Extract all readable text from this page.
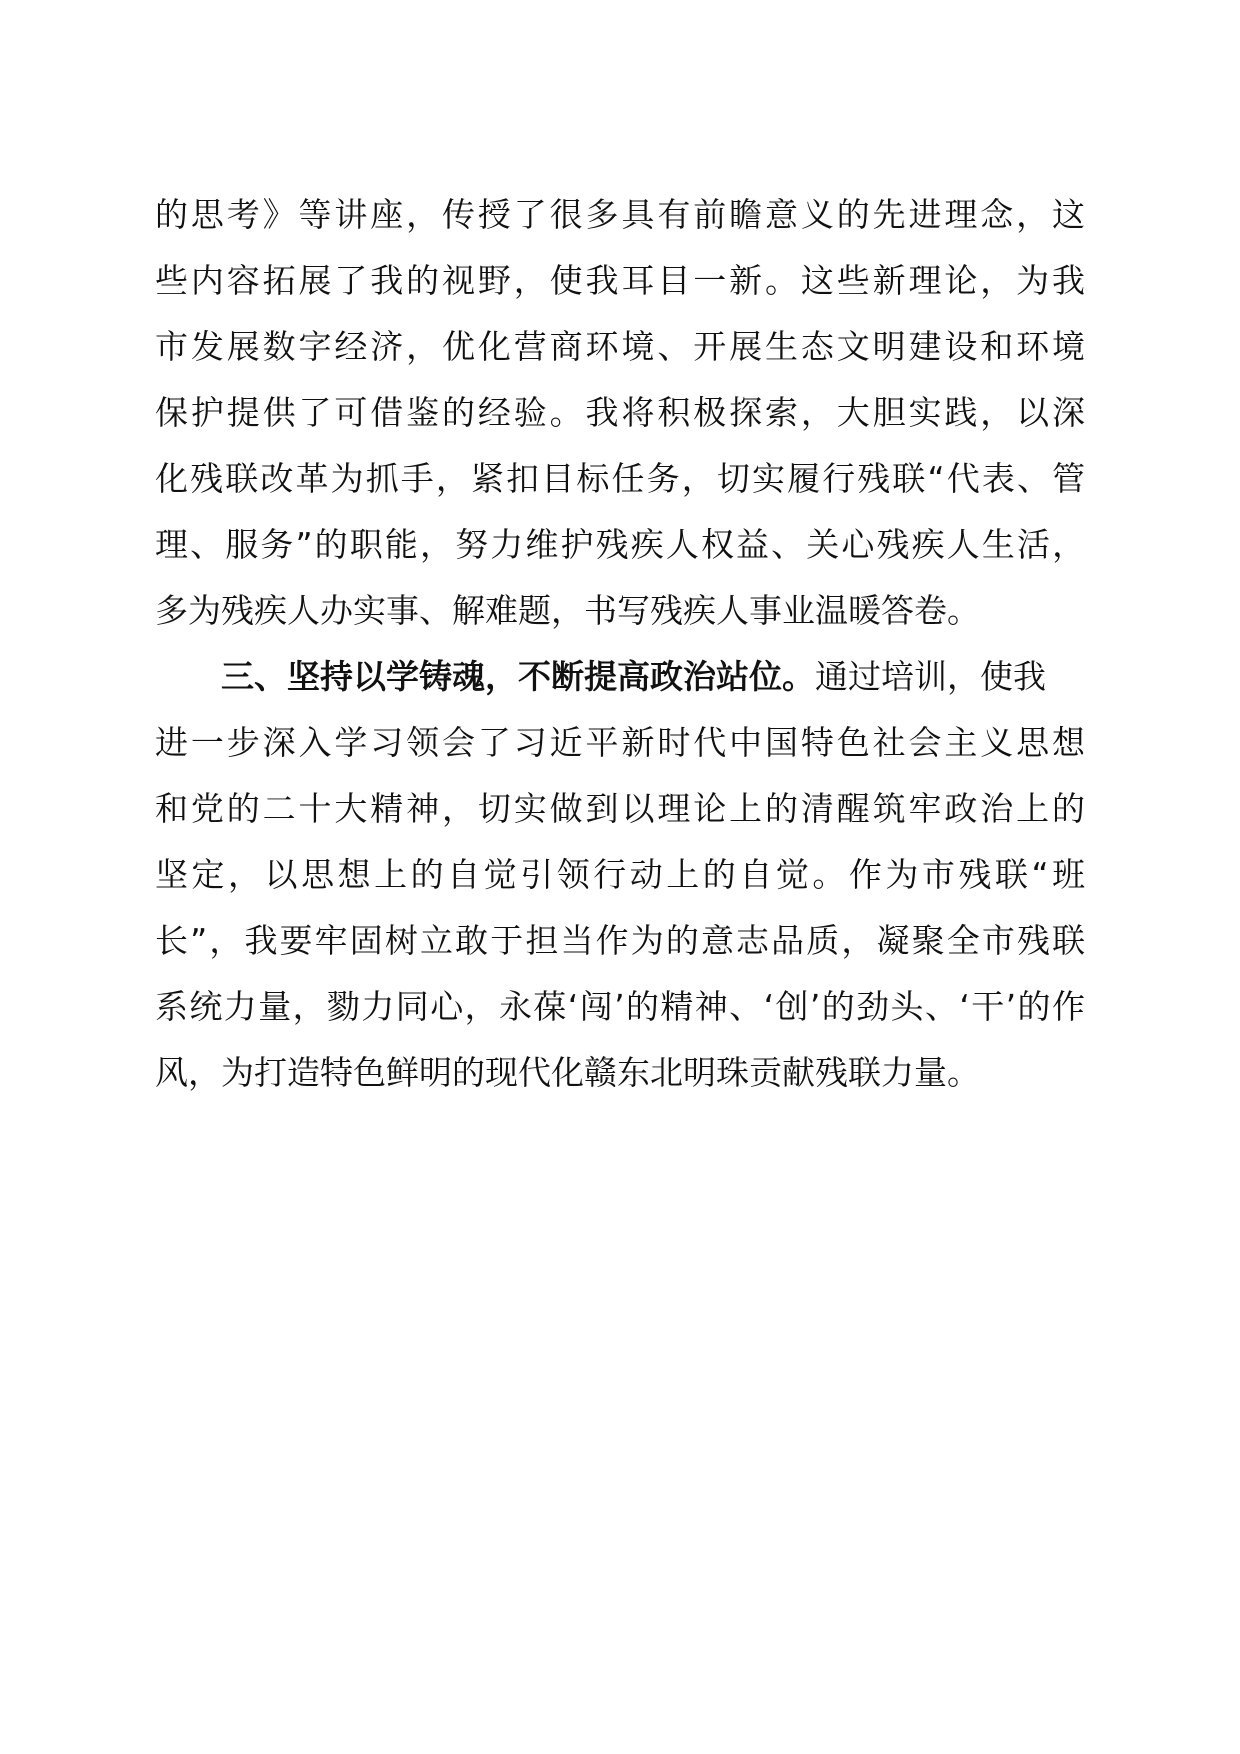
的思考》等讲座，传授了很多具有前瞻意义的先进理念，这
些内容拓展了我的视野，使我耳目一新。这些新理论，为我
市发展数字经济，优化营商环境、开展生态文明建设和环境
保护提供了可借鉴的经验。我将积极探索，大胆实践，以深
化残联改革为抓手，紧扣目标任务，切实履行残联“代表、管
理、服务”的职能，努力维护残疾人权益、关心残疾人生活，
多为残疾人办实事、解难题，书写残疾人事业温暖答卷。
三、坚持以学铸魂，不断提高政治站位。 通过培训，使我
进一步深入学习领会了习近平新时代中国特色社会主义思想
和党的二十大精神，切实做到以理论上的清醒筑牢政治上的
坚定，以思想上的自觉引领行动上的自觉。作为市残联“班
长”，我要牢固树立敢于担当作为的意志品质，凝聚全市残联
系统力量，勠力同心，永葆‘闯’的精神、‘创’的劲头、‘干’的作
风，为打造特色鲜明的现代化赣东北明珠贡献残联力量。
